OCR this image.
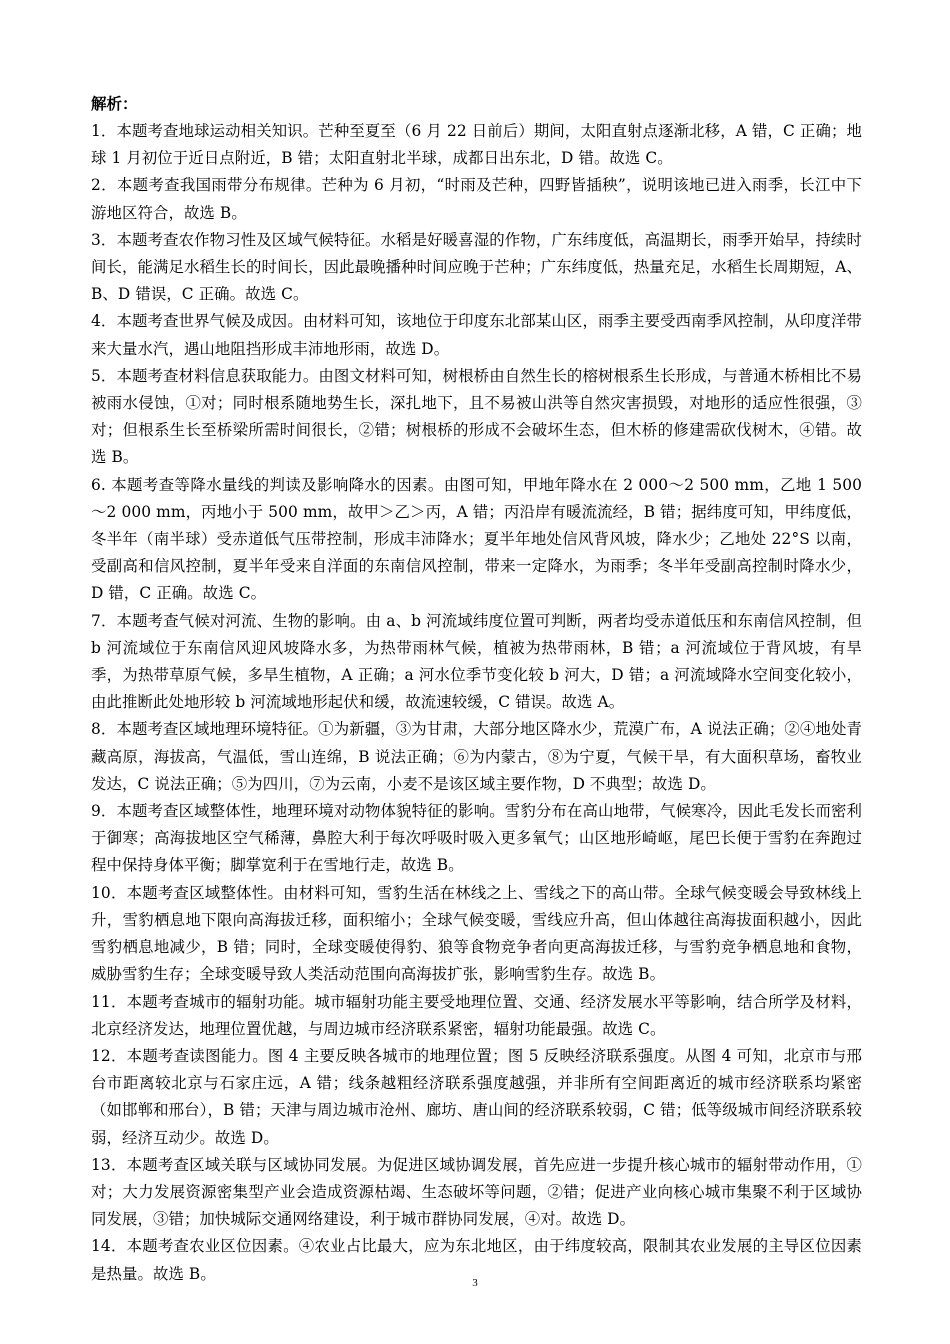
解析：

1．本题考查地球运动相关知识。芒种至夏至（6 月 22 日前后）期间，太阳直射点逐渐北移，A 错，C 正确；地球 1 月初位于近日点附近，B 错；太阳直射北半球，成都日出东北，D 错。故选 C。

2．本题考查我国雨带分布规律。芒种为 6 月初，“时雨及芒种，四野皆插秧”，说明该地已进入雨季，长江中下游地区符合，故选 B。

3．本题考查农作物习性及区域气候特征。水稻是好暖喜湿的作物，广东纬度低，高温期长，雨季开始早，持续时间长，能满足水稻生长的时间长，因此最晚播种时间应晚于芒种；广东纬度低，热量充足，水稻生长周期短，A、B、D 错误，C 正确。故选 C。

4．本题考查世界气候及成因。由材料可知，该地位于印度东北部某山区，雨季主要受西南季风控制，从印度洋带来大量水汽，遇山地阻挡形成丰沛地形雨，故选 D。

5．本题考查材料信息获取能力。由图文材料可知，树根桥由自然生长的榕树根系生长形成，与普通木桥相比不易被雨水侵蚀，①对；同时根系随地势生长，深扎地下，且不易被山洪等自然灾害损毁，对地形的适应性很强，③对；但根系生长至桥梁所需时间很长，②错；树根桥的形成不会破坏生态，但木桥的修建需砍伐树木，④错。故选 B。

6. 本题考查等降水量线的判读及影响降水的因素。由图可知，甲地年降水在 2 000～2 500 mm，乙地 1 500～2 000 mm，丙地小于 500 mm，故甲＞乙＞丙，A 错；丙沿岸有暖流流经，B 错；据纬度可知，甲纬度低，冬半年（南半球）受赤道低气压带控制，形成丰沛降水；夏半年地处信风背风坡，降水少；乙地处 22°S 以南，受副高和信风控制，夏半年受来自洋面的东南信风控制，带来一定降水，为雨季；冬半年受副高控制时降水少，D 错，C 正确。故选 C。

7．本题考查气候对河流、生物的影响。由 a、b 河流域纬度位置可判断，两者均受赤道低压和东南信风控制，但 b 河流域位于东南信风迎风坡降水多，为热带雨林气候，植被为热带雨林，B 错；a 河流域位于背风坡，有旱季，为热带草原气候，多旱生植物，A 正确；a 河水位季节变化较 b 河大，D 错；a 河流域降水空间变化较小，由此推断此处地形较 b 河流域地形起伏和缓，故流速较缓，C 错误。故选 A。

8．本题考查区域地理环境特征。①为新疆，③为甘肃，大部分地区降水少，荒漠广布，A 说法正确；②④地处青藏高原，海拔高，气温低，雪山连绵，B 说法正确；⑥为内蒙古，⑧为宁夏，气候干旱，有大面积草场，畜牧业发达，C 说法正确；⑤为四川，⑦为云南，小麦不是该区域主要作物，D 不典型；故选 D。

9．本题考查区域整体性，地理环境对动物体貌特征的影响。雪豹分布在高山地带，气候寒冷，因此毛发长而密利于御寒；高海拔地区空气稀薄，鼻腔大利于每次呼吸时吸入更多氧气；山区地形崎岖，尾巴长便于雪豹在奔跑过程中保持身体平衡；脚掌宽利于在雪地行走，故选 B。

10．本题考查区域整体性。由材料可知，雪豹生活在林线之上、雪线之下的高山带。全球气候变暖会导致林线上升，雪豹栖息地下限向高海拔迁移，面积缩小；全球气候变暖，雪线应升高，但山体越往高海拔面积越小，因此雪豹栖息地减少，B 错；同时，全球变暖使得豹、狼等食物竞争者向更高海拔迁移，与雪豹竞争栖息地和食物，威胁雪豹生存；全球变暖导致人类活动范围向高海拔扩张，影响雪豹生存。故选 B。

11．本题考查城市的辐射功能。城市辐射功能主要受地理位置、交通、经济发展水平等影响，结合所学及材料，北京经济发达，地理位置优越，与周边城市经济联系紧密，辐射功能最强。故选 C。

12．本题考查读图能力。图 4 主要反映各城市的地理位置；图 5 反映经济联系强度。从图 4 可知，北京市与邢台市距离较北京与石家庄远，A 错；线条越粗经济联系强度越强，并非所有空间距离近的城市经济联系均紧密（如邯郸和邢台），B 错；天津与周边城市沧州、廊坊、唐山间的经济联系较弱，C 错；低等级城市间经济联系较弱，经济互动少。故选 D。

13．本题考查区域关联与区域协同发展。为促进区域协调发展，首先应进一步提升核心城市的辐射带动作用，①对；大力发展资源密集型产业会造成资源枯竭、生态破坏等问题，②错；促进产业向核心城市集聚不利于区域协同发展，③错；加快城际交通网络建设，利于城市群协同发展，④对。故选 D。

14．本题考查农业区位因素。④农业占比最大，应为东北地区，由于纬度较高，限制其农业发展的主导区位因素是热量。故选 B。

3
